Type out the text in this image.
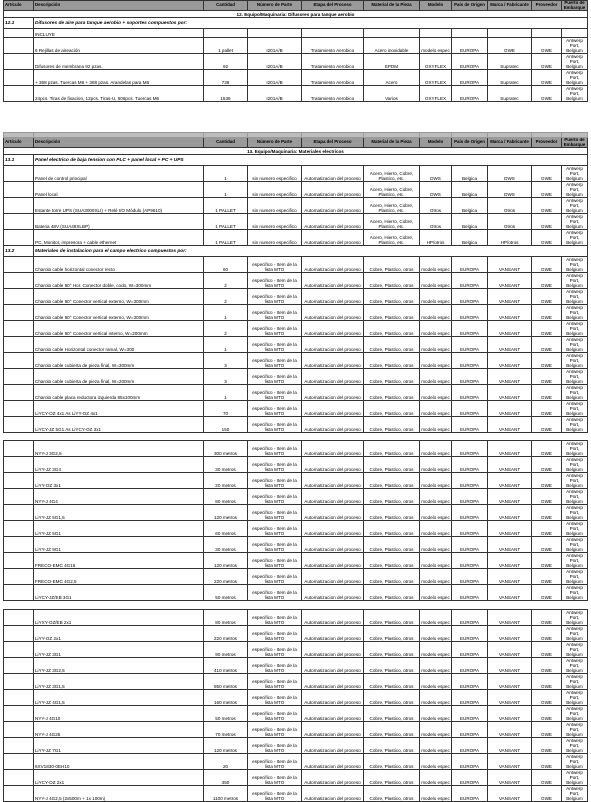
Artículo	Descripción	Cantidad	Número de Parte	Etapa del Proceso	Material de la Pieza	Modelo	País de Origen	Marca / Fabricante	Proveedor	Puerto de Embarque
12. Equipo/Maquinaria: Difusores para tanque aerobio										
12.1	Difusores de aire para tanque aerobio + soportes compuestos por:									
	INCLUYE									
	6 Rejillas de aireación	1 pallet	I201A/B	Tratamiento Aerobico	Acero inoxidable	modelo espec	EUROPA	GWE	GWE	Antwerp Port, Belgium
	Difusores de membrana 92 pzas.	92	I201A/B	Tratamiento Aerobico	EPDM	OXYFLEX	EUROPA	Supratec	GWE	Antwerp Port, Belgium
	+ 368 pzas. Tuercas M6 + 368 pzas. Arandelas para M6	736	I201A/B	Tratamiento Aerobico	Acero	OXYFLEX	EUROPA	Supratec	GWE	Antwerp Port, Belgium
	24pcs. Tiras de fixacion, 12pcs. Tiras-U, 506pcs. Tuercas M6	1536	I201A/B	Tratamiento Aerobico	Varios	OXYFLEX	EUROPA	Supratec	GWE	Antwerp Port, Belgium

Artículo	Descripción	Cantidad	Número de Parte	Etapa del Proceso	Material de la Pieza	Modelo	País de Origen	Marca / Fabricante	Proveedor	Puerto de Embarque
13. Equipo/Maquinaria: Materiales electricos										
13.1	Panel electrico de baja tension con PLC + panel local + PC + UPS									
	Panel de control principal	1	sin numero especifico	Automatizacion del proceso	Acero, Hierro, Cobre, Plastico, etc.	DWS	Belgica	DWS	GWE	Antwerp Port, Belgium
	Panel local	1	sin numero especifico	Automatizacion del proceso	Acero, Hierro, Cobre, Plastico, etc.	DWS	Belgica	DWS	GWE	Antwerp Port, Belgium
	Estante torre UPS (SUA3000XLI) + Relé I/O Módulo (AP9610)	1 PALLET	sin numero especifico	Automatizacion del proceso	Acero, Hierro, Cobre, Plastico, etc.	Otros	Belgica	Otros	GWE	Antwerp Port, Belgium
	Bateria 48V (SUA48XLBP)	1 PALLET	sin numero especifico	Automatizacion del proceso	Acero, Hierro, Cobre, Plastico, etc.	Otros	Belgica	Otros	GWE	Antwerp Port, Belgium
	PC, Monitor, impresora + cable ethernet	1 PALLET	sin numero especifico	Automatizacion del proceso	Acero, Hierro, Cobre, Plastico, etc.	HP/otros	Belgica	HP/otros	GWE	Antwerp Port, Belgium
13.2	Materiales de instalacion para el campo electrico compuestos por:									
	Charola cable horizontal conector recto	60	especifico - Item de la lista MTO	Automatizacion del proceso	Cobre, Plastico, otros	modelo espec	EUROPA	VANSANT	GWE	Antwerp Port, Belgium
	Charola cable 90° Hor. Conector doble, codo, W=300mm	2	especifico - Item de la lista MTO	Automatizacion del proceso	Cobre, Plastico, otros	modelo espec	EUROPA	VANSANT	GWE	Antwerp Port, Belgium
	Charola cable 90° Conector vertical externo, W=300mm	2	especifico - Item de la lista MTO	Automatizacion del proceso	Cobre, Plastico, otros	modelo espec	EUROPA	VANSANT	GWE	Antwerp Port, Belgium
	Charola cable 90° Conector vertical externo, W=300mm	1	especifico - Item de la lista MTO	Automatizacion del proceso	Cobre, Plastico, otros	modelo espec	EUROPA	VANSANT	GWE	Antwerp Port, Belgium
	Charola cable 90° Conector vertical interno, W=200mm	2	especifico - Item de la lista MTO	Automatizacion del proceso	Cobre, Plastico, otros	modelo espec	EUROPA	VANSANT	GWE	Antwerp Port, Belgium
	Charola cable Horizontal conector ramal, W=300	1	especifico - Item de la lista MTO	Automatizacion del proceso	Cobre, Plastico, otros	modelo espec	EUROPA	VANSANT	GWE	Antwerp Port, Belgium
	Charola cable cubierta de pieza final, W=300mm	3	especifico - Item de la lista MTO	Automatizacion del proceso	Cobre, Plastico, otros	modelo espec	EUROPA	VANSANT	GWE	Antwerp Port, Belgium
	Charola cable cubierta de pieza final, W=200mm	3	especifico - Item de la lista MTO	Automatizacion del proceso	Cobre, Plastico, otros	modelo espec	EUROPA	VANSANT	GWE	Antwerp Port, Belgium
	Charola cable placa reductora izquierda 85x100mm	1	especifico - Item de la lista MTO	Automatizacion del proceso	Cobre, Plastico, otros	modelo espec	EUROPA	VANSANT	GWE	Antwerp Port, Belgium
	LiYCY-OZ 4x1 As LiYY-OZ 4x1	70	especifico - Item de la lista MTO	Automatizacion del proceso	Cobre, Plastico, otros	modelo espec	EUROPA	VANSANT	GWE	Antwerp Port, Belgium
	LiYCY-JZ 5G1 As LiYCY-OZ 3x1	150	especifico - Item de la lista MTO	Automatizacion del proceso	Cobre, Plastico, otros	modelo espec	EUROPA	VANSANT	GWE	Antwerp Port, Belgium
	NYY-J 3G2,5	300 metros	especifico - Item de la lista MTO	Automatizacion del proceso	Cobre, Plastico, otros	modelo espec	EUROPA	VANSANT	GWE	Antwerp Port, Belgium
	LiYY-JZ 3G4	30 metros	especifico - Item de la lista MTO	Automatizacion del proceso	Cobre, Plastico, otros	modelo espec	EUROPA	VANSANT	GWE	Antwerp Port, Belgium
	LiYY-OZ 3x1	20 metros	especifico - Item de la lista MTO	Automatizacion del proceso	Cobre, Plastico, otros	modelo espec	EUROPA	VANSANT	GWE	Antwerp Port, Belgium
	NYY-J 4G4	80 metros	especifico - Item de la lista MTO	Automatizacion del proceso	Cobre, Plastico, otros	modelo espec	EUROPA	VANSANT	GWE	Antwerp Port, Belgium
	LiYY-JZ 5G1,5	120 metros	especifico - Item de la lista MTO	Automatizacion del proceso	Cobre, Plastico, otros	modelo espec	EUROPA	VANSANT	GWE	Antwerp Port, Belgium
	LiYY-JZ 5G1	60 metros	especifico - Item de la lista MTO	Automatizacion del proceso	Cobre, Plastico, otros	modelo espec	EUROPA	VANSANT	GWE	Antwerp Port, Belgium
	LiYY-JZ 9G1	30 metros	especifico - Item de la lista MTO	Automatizacion del proceso	Cobre, Plastico, otros	modelo espec	EUROPA	VANSANT	GWE	Antwerp Port, Belgium
	FRECO-EMC 4G16	120 metros	especifico - Item de la lista MTO	Automatizacion del proceso	Cobre, Plastico, otros	modelo espec	EUROPA	VANSANT	GWE	Antwerp Port, Belgium
	FRECO-EMC 4G2,5	220 metros	especifico - Item de la lista MTO	Automatizacion del proceso	Cobre, Plastico, otros	modelo espec	EUROPA	VANSANT	GWE	Antwerp Port, Belgium
	LiYCY-JZ/EB 3G1	50 metros	especifico - Item de la lista MTO	Automatizacion del proceso	Cobre, Plastico, otros	modelo espec	EUROPA	VANSANT	GWE	Antwerp Port, Belgium
	LiYXY-OZ/EB 2x1	80 metros	especifico - Item de la lista MTO	Automatizacion del proceso	Cobre, Plastico, otros	modelo espec	EUROPA	VANSANT	GWE	Antwerp Port, Belgium
	LiYY-OZ 2x1	220 metros	especifico - Item de la lista MTO	Automatizacion del proceso	Cobre, Plastico, otros	modelo espec	EUROPA	VANSANT	GWE	Antwerp Port, Belgium
	LiYY-JZ 3G1	90 metros	especifico - Item de la lista MTO	Automatizacion del proceso	Cobre, Plastico, otros	modelo espec	EUROPA	VANSANT	GWE	Antwerp Port, Belgium
	LiYY-JZ 3G2,5	410 metros	especifico - Item de la lista MTO	Automatizacion del proceso	Cobre, Plastico, otros	modelo espec	EUROPA	VANSANT	GWE	Antwerp Port, Belgium
	LiYY-JZ 3G1,5	850 metros	especifico - Item de la lista MTO	Automatizacion del proceso	Cobre, Plastico, otros	modelo espec	EUROPA	VANSANT	GWE	Antwerp Port, Belgium
	LiYY-JZ 4G1,5	160 metros	especifico - Item de la lista MTO	Automatizacion del proceso	Cobre, Plastico, otros	modelo espec	EUROPA	VANSANT	GWE	Antwerp Port, Belgium
	NYY-J 4G10	50 metros	especifico - Item de la lista MTO	Automatizacion del proceso	Cobre, Plastico, otros	modelo espec	EUROPA	VANSANT	GWE	Antwerp Port, Belgium
	NYY-J 4G25	70 metros	especifico - Item de la lista MTO	Automatizacion del proceso	Cobre, Plastico, otros	modelo espec	EUROPA	VANSANT	GWE	Antwerp Port, Belgium
	LiYY-JZ 7G1	120 metros	especifico - Item de la lista MTO	Automatizacion del proceso	Cobre, Plastico, otros	modelo espec	EUROPA	VANSANT	GWE	Antwerp Port, Belgium
	6XV1830-0EH10	20	especifico - Item de la lista MTO	Automatizacion del proceso	Cobre, Plastico, otros	modelo espec	EUROPA	VANSANT	GWE	Antwerp Port, Belgium
	LiYCY-OZ 2x1	450	especifico - Item de la lista MTO	Automatizacion del proceso	Cobre, Plastico, otros	modelo espec	EUROPA	VANSANT	GWE	Antwerp Port, Belgium
	NYY-J 4G2,5 (2x500m + 1x 100m)	1100 metros	especifico - Item de la lista MTO	Automatizacion del proceso	Cobre, Plastico, otros	modelo espec	EUROPA	VANSANT	GWE	Antwerp Port, Belgium
